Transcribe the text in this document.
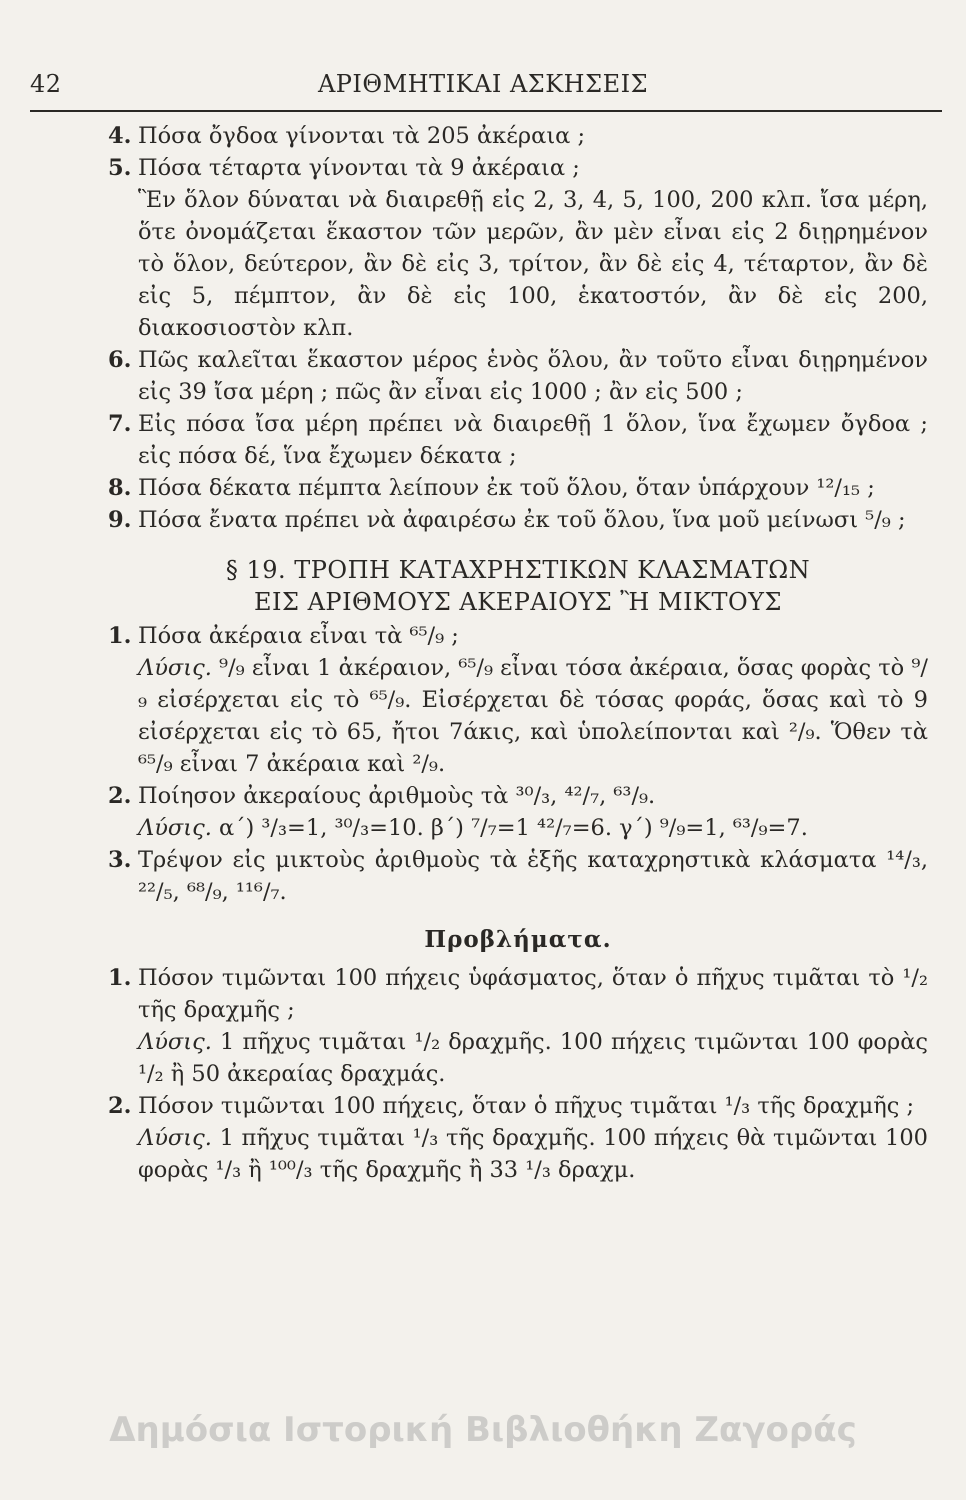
42	ΑΡΙΘΜΗΤΙΚΑΙ ΑΣΚΗΣΕΙΣ

4. Πόσα ὄγδοα γίνονται τὰ 205 ἀκέραια ;

5. Πόσα τέταρτα γίνονται τὰ 9 ἀκέραια ;

Ἓν ὅλον δύναται νὰ διαιρεθῇ εἰς 2, 3, 4, 5, 100, 200 κλπ. ἴσα μέρη, ὅτε ὀνομάζεται ἕκαστον τῶν μερῶν, ἂν μὲν εἶναι εἰς 2 διῃρημένον τὸ ὅλον, δεύτερον, ἂν δὲ εἰς 3, τρίτον, ἂν δὲ εἰς 4, τέταρτον, ἂν δὲ εἰς 5, πέμπτον, ἂν δὲ εἰς 100, ἑκατοστόν, ἂν δὲ εἰς 200, διακοσιοστὸν κλπ.

6. Πῶς καλεῖται ἕκαστον μέρος ἑνὸς ὅλου, ἂν τοῦτο εἶναι διῃρημένον εἰς 39 ἴσα μέρη ; πῶς ἂν εἶναι εἰς 1000 ; ἂν εἰς 500 ;

7. Εἰς πόσα ἴσα μέρη πρέπει νὰ διαιρεθῇ 1 ὅλον, ἵνα ἔχωμεν ὄγδοα ; εἰς πόσα δέ, ἵνα ἔχωμεν δέκατα ;

8. Πόσα δέκατα πέμπτα λείπουν ἐκ τοῦ ὅλου, ὅταν ὑπάρχουν ¹²/₁₅ ;

9. Πόσα ἔνατα πρέπει νὰ ἀφαιρέσω ἐκ τοῦ ὅλου, ἵνα μοῦ μείνωσι ⁵/₉ ;

§ 19. ΤΡΟΠΗ ΚΑΤΑΧΡΗΣΤΙΚΩΝ ΚΛΑΣΜΑΤΩΝ

ΕΙΣ ΑΡΙΘΜΟΥΣ ΑΚΕΡΑΙΟΥΣ Ἢ ΜΙΚΤΟΥΣ

1. Πόσα ἀκέραια εἶναι τὰ ⁶⁵/₉ ;

Λύσις. ⁹/₉ εἶναι 1 ἀκέραιον, ⁶⁵/₉ εἶναι τόσα ἀκέραια, ὅσας φορὰς τὸ ⁹/₉ εἰσέρχεται εἰς τὸ ⁶⁵/₉. Εἰσέρχεται δὲ τόσας φοράς, ὅσας καὶ τὸ 9 εἰσέρχεται εἰς τὸ 65, ἤτοι 7άκις, καὶ ὑπολείπονται καὶ ²/₉. Ὅθεν τὰ ⁶⁵/₉ εἶναι 7 ἀκέραια καὶ ²/₉.

2. Ποίησον ἀκεραίους ἀριθμοὺς τὰ ³⁰/₃, ⁴²/₇, ⁶³/₉.

Λύσις. α΄) ³/₃=1, ³⁰/₃=10. β΄) ⁷/₇=1 ⁴²/₇=6. γ΄) ⁹/₉=1, ⁶³/₉=7.

3. Τρέψον εἰς μικτοὺς ἀριθμοὺς τὰ ἑξῆς καταχρηστικὰ κλάσματα ¹⁴/₃, ²²/₅, ⁶⁸/₉, ¹¹⁶/₇.

Προβλήματα.

1. Πόσον τιμῶνται 100 πήχεις ὑφάσματος, ὅταν ὁ πῆχυς τιμᾶται τὸ ¹/₂ τῆς δραχμῆς ;

Λύσις. 1 πῆχυς τιμᾶται ¹/₂ δραχμῆς. 100 πήχεις τιμῶνται 100 φορὰς ¹/₂ ἢ 50 ἀκεραίας δραχμάς.

2. Πόσον τιμῶνται 100 πήχεις, ὅταν ὁ πῆχυς τιμᾶται ¹/₃ τῆς δραχμῆς ;

Λύσις. 1 πῆχυς τιμᾶται ¹/₃ τῆς δραχμῆς. 100 πήχεις θὰ τιμῶνται 100 φορὰς ¹/₃ ἢ ¹⁰⁰/₃ τῆς δραχμῆς ἢ 33 ¹/₃ δραχμ.

Δημόσια Ιστορική Βιβλιοθήκη Ζαγοράς
